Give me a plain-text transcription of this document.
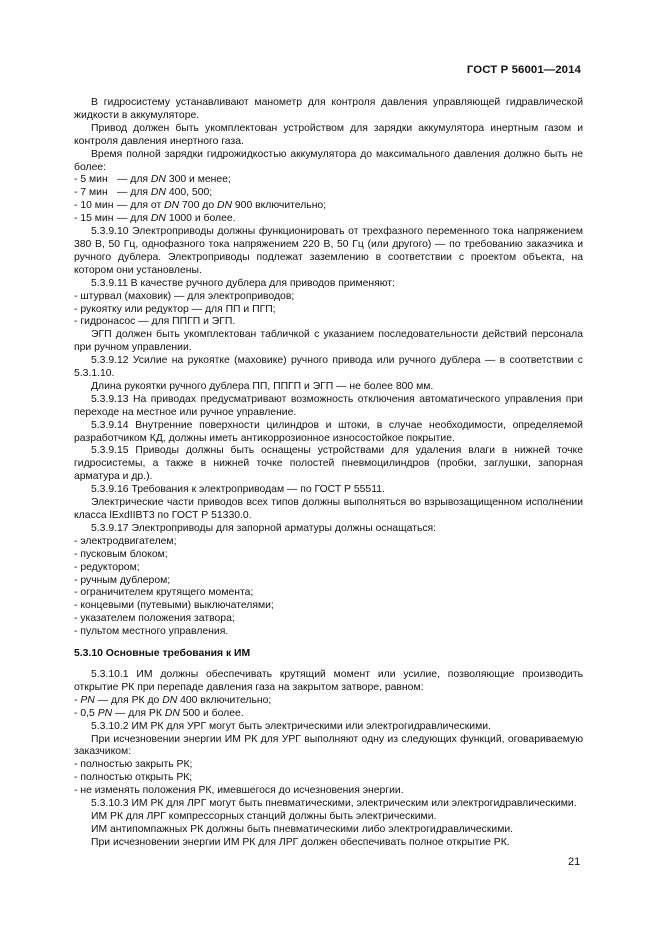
ГОСТ Р 56001—2014

В гидросистему устанавливают манометр для контроля давления управляющей гидравлической жидкости в аккумуляторе.

Привод должен быть укомплектован устройством для зарядки аккумулятора инертным газом и контроля давления инертного газа.

Время полной зарядки гидрожидкостью аккумулятора до максимального давления должно быть не более:

- 5 мин — для DN 300 и менее;

- 7 мин — для DN 400, 500;

- 10 мин — для от DN 700 до DN 900 включительно;

- 15 мин — для DN 1000 и более.

5.3.9.10 Электроприводы должны функционировать от трехфазного переменного тока напряжением 380 В, 50 Гц, однофазного тока напряжением 220 В, 50 Гц (или другого) — по требованию заказчика и ручного дублера. Электроприводы подлежат заземлению в соответствии с проектом объекта, на котором они установлены.

5.3.9.11 В качестве ручного дублера для приводов применяют:

- штурвал (маховик) — для электроприводов;

- рукоятку или редуктор — для ПП и ПГП;

- гидронасос — для ППГП и ЭГП.

ЭГП должен быть укомплектован табличкой с указанием последовательности действий персонала при ручном управлении.

5.3.9.12 Усилие на рукоятке (маховике) ручного привода или ручного дублера — в соответствии с 5.3.1.10.

Длина рукоятки ручного дублера ПП, ППГП и ЭГП — не более 800 мм.

5.3.9.13 На приводах предусматривают возможность отключения автоматического управления при переходе на местное или ручное управление.

5.3.9.14 Внутренние поверхности цилиндров и штоки, в случае необходимости, определяемой разработчиком КД, должны иметь антикоррозионное износостойкое покрытие.

5.3.9.15 Приводы должны быть оснащены устройствами для удаления влаги в нижней точке гидросистемы, а также в нижней точке полостей пневмоцилиндров (пробки, заглушки, запорная арматура и др.).

5.3.9.16 Требования к электроприводам — по ГОСТ Р 55511.

Электрические части приводов всех типов должны выполняться во взрывозащищенном исполнении класса lExdIIBT3 по ГОСТ Р 51330.0.

5.3.9.17 Электроприводы для запорной арматуры должны оснащаться:

- электродвигателем;

- пусковым блоком;

- редуктором;

- ручным дублером;

- ограничителем крутящего момента;

- концевыми (путевыми) выключателями;

- указателем положения затвора;

- пультом местного управления.

5.3.10 Основные требования к ИМ

5.3.10.1 ИМ должны обеспечивать крутящий момент или усилие, позволяющие производить открытие РК при перепаде давления газа на закрытом затворе, равном:

- PN — для РК до DN 400 включительно;

- 0,5 PN — для РК DN 500 и более.

5.3.10.2 ИМ РК для УРГ могут быть электрическими или электрогидравлическими.

При исчезновении энергии ИМ РК для УРГ выполняют одну из следующих функций, оговариваемую заказчиком:

- полностью закрыть РК;

- полностью открыть РК;

- не изменять положения РК, имевшегося до исчезновения энергии.

5.3.10.3 ИМ РК для ЛРГ могут быть пневматическими, электрическим или электрогидравлическими.

ИМ РК для ЛРГ компрессорных станций должны быть электрическими.

ИМ антипомпажных РК должны быть пневматическими либо электрогидравлическими.

При исчезновении энергии ИМ РК для ЛРГ должен обеспечивать полное открытие РК.

21
